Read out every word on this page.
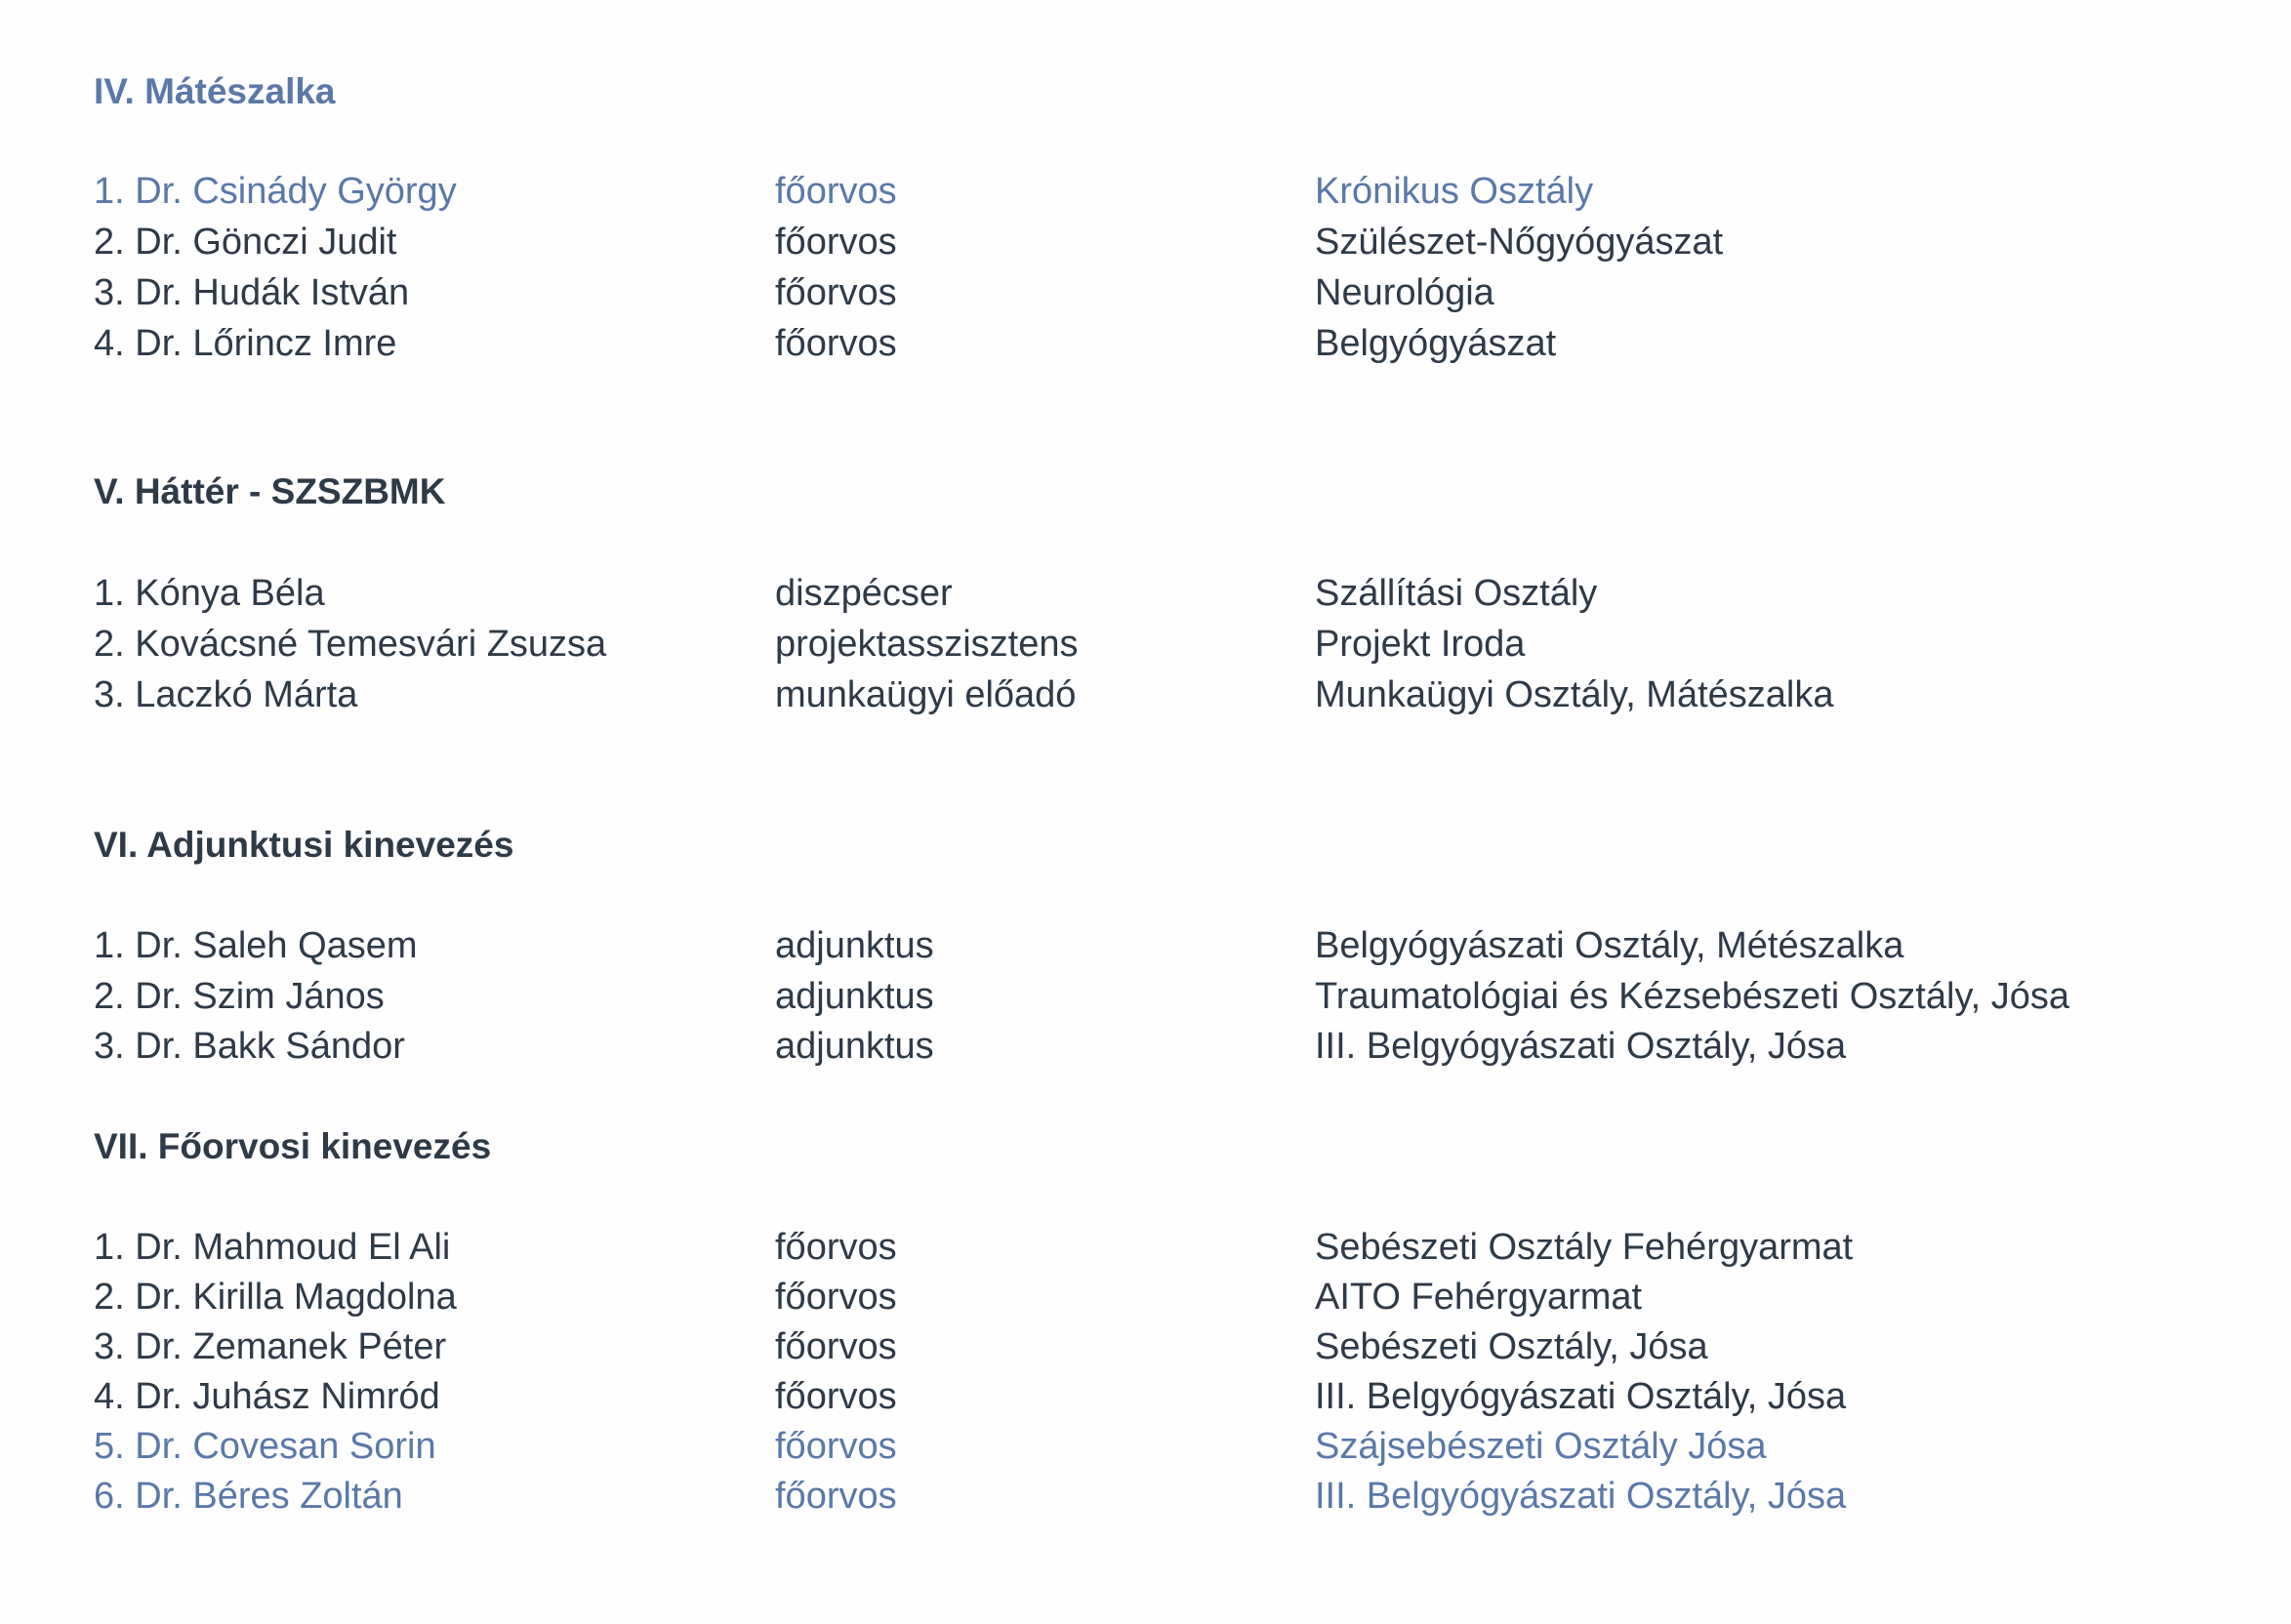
IV. Mátészalka
1. Dr. Csinády György	főorvos	Krónikus Osztály
2. Dr. Gönczi Judit	főorvos	Szülészet-Nőgyógyászat
3. Dr. Hudák István	főorvos	Neurológia
4. Dr. Lőrincz Imre	főorvos	Belgyógyászat
V. Háttér - SZSZBMK
1. Kónya Béla	diszpécser	Szállítási Osztály
2. Kovácsné Temesvári Zsuzsa	projektasszisztens	Projekt Iroda
3. Laczkó Márta	munkaügyi előadó	Munkaügyi Osztály, Mátészalka
VI. Adjunktusi kinevezés
1. Dr. Saleh Qasem	adjunktus	Belgyógyászati Osztály, Métészalka
2. Dr. Szim János	adjunktus	Traumatológiai és Kézsebészeti Osztály, Jósa
3. Dr. Bakk Sándor	adjunktus	III. Belgyógyászati Osztály, Jósa
VII. Főorvosi kinevezés
1. Dr. Mahmoud El Ali	főorvos	Sebészeti Osztály Fehérgyarmat
2. Dr. Kirilla Magdolna	főorvos	AITO Fehérgyarmat
3. Dr. Zemanek Péter	főorvos	Sebészeti Osztály, Jósa
4. Dr. Juhász Nimród	főorvos	III. Belgyógyászati Osztály, Jósa
5. Dr. Covesan Sorin	főorvos	Szájsebészeti Osztály Jósa
6. Dr. Béres Zoltán	főorvos	III. Belgyógyászati Osztály, Jósa
